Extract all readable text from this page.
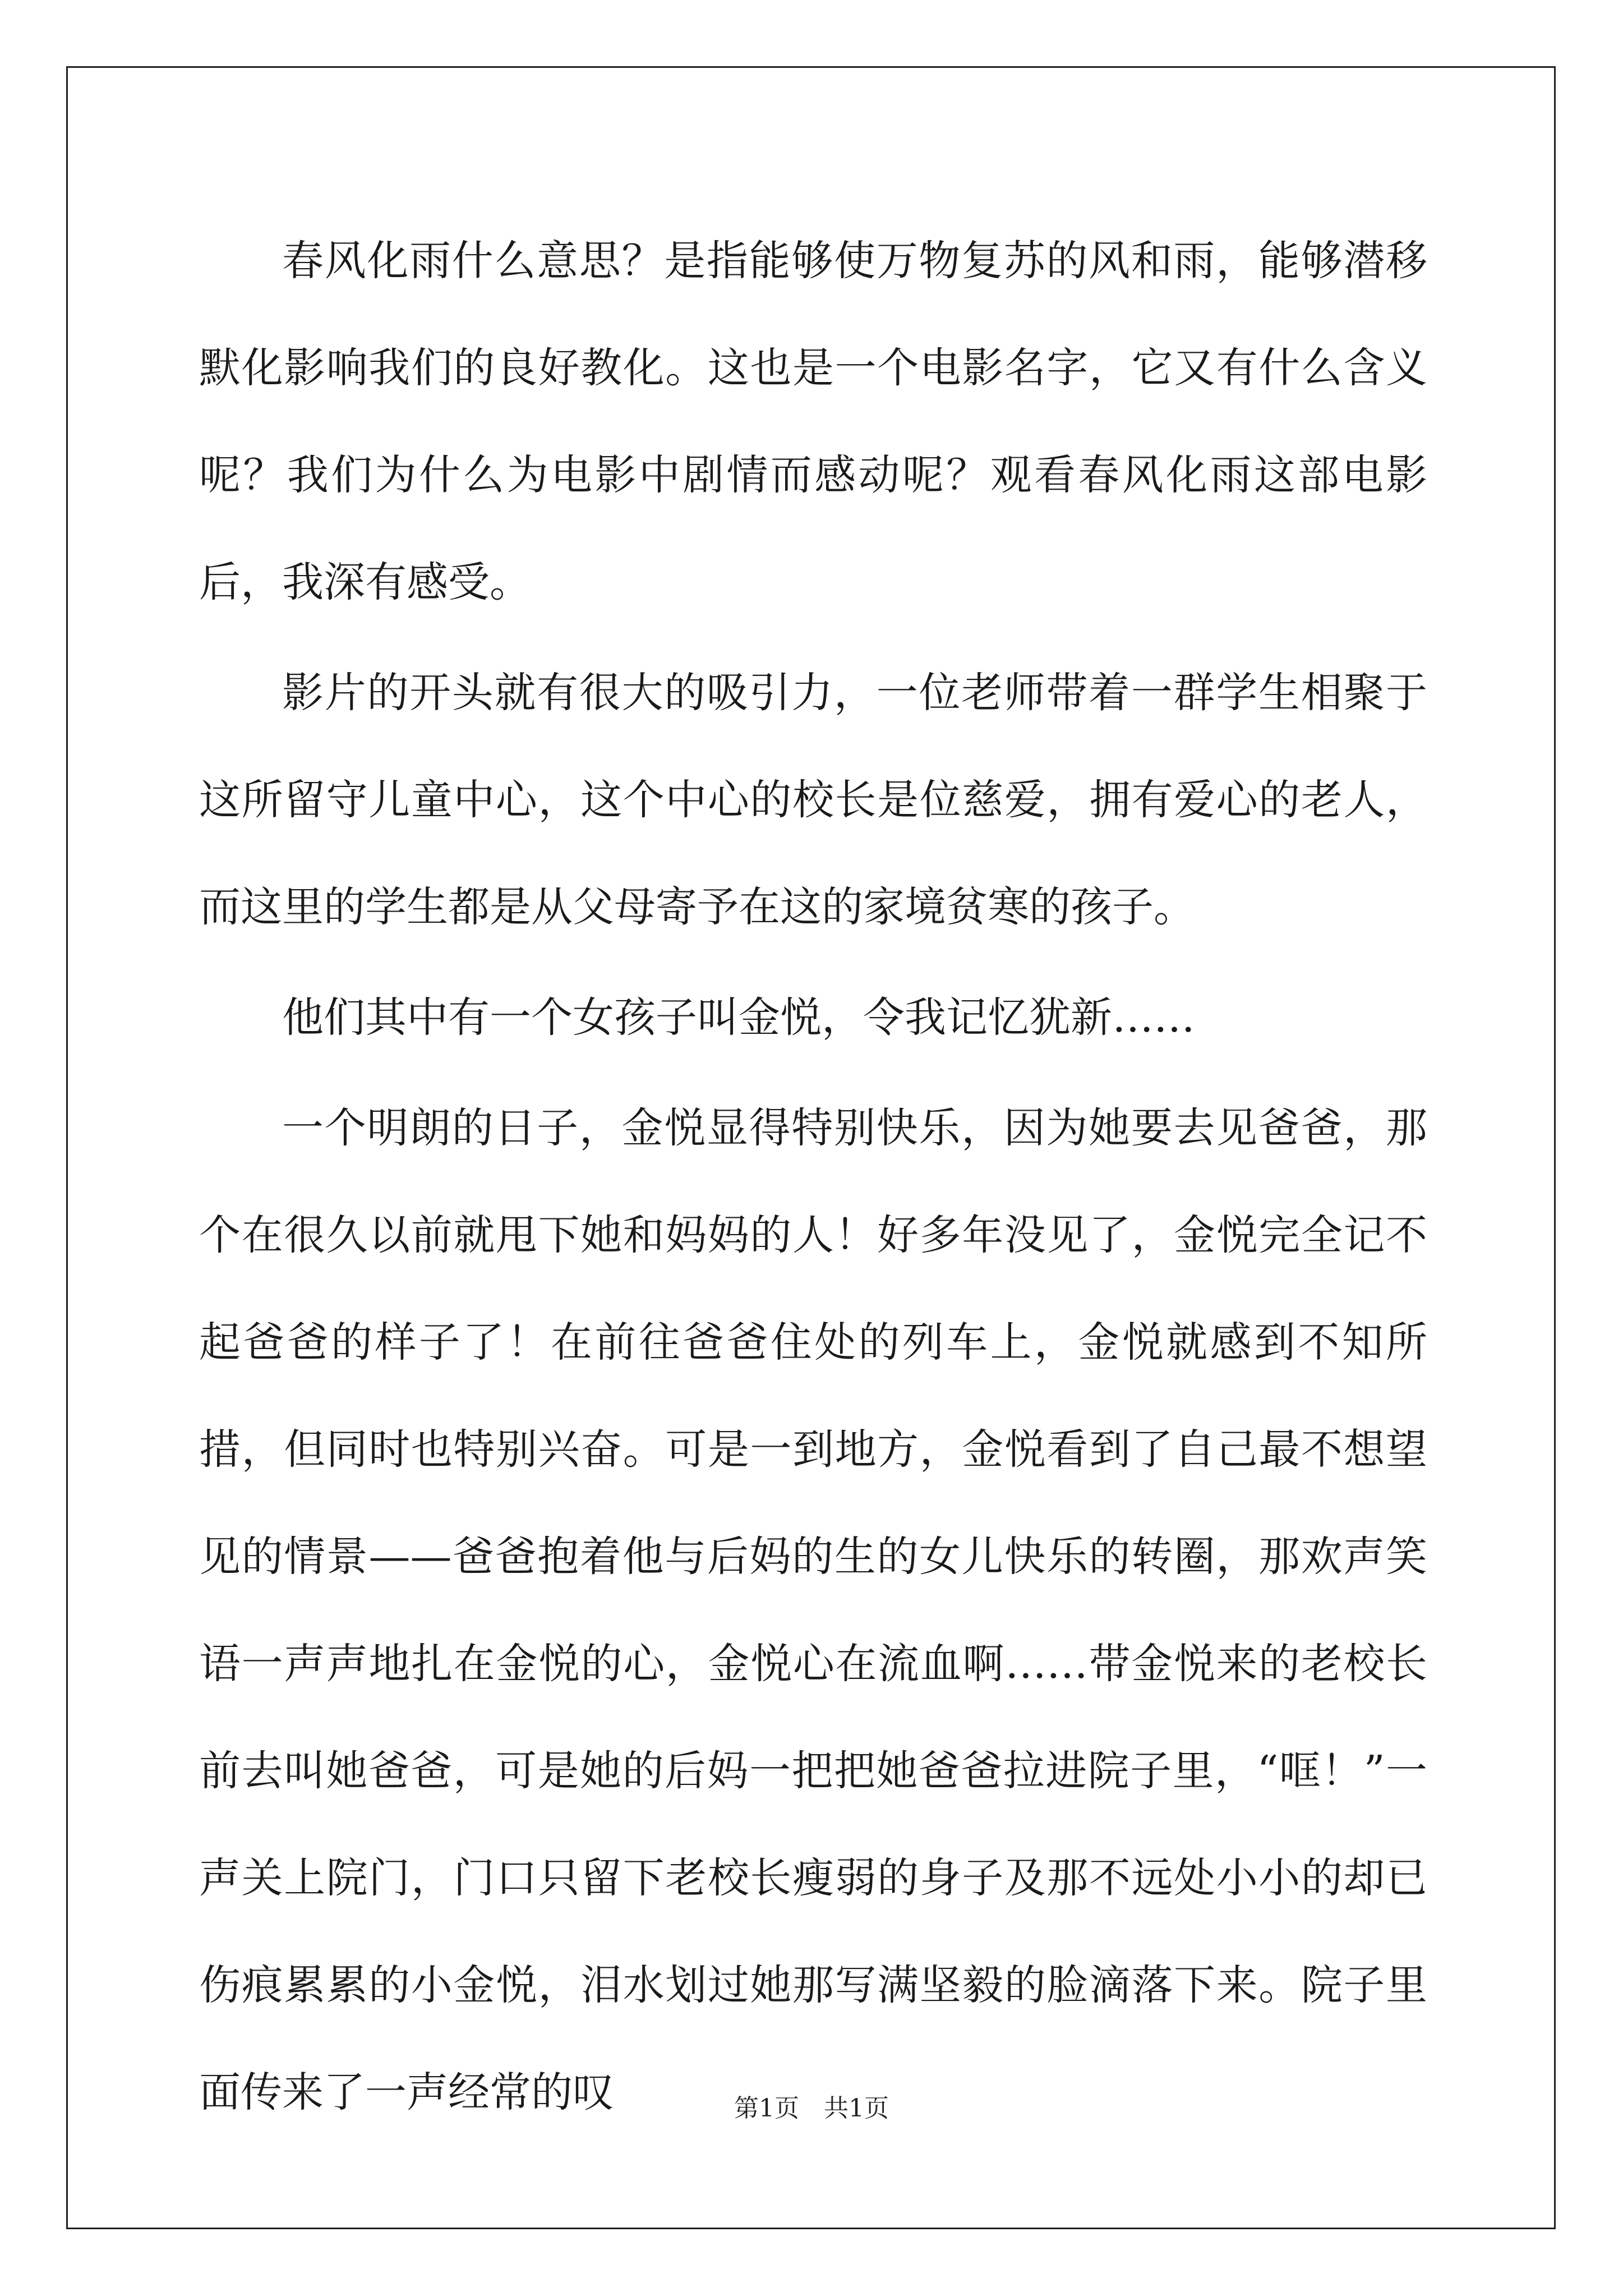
春风化雨什么意思？是指能够使万物复苏的风和雨，能够潜移默化影响我们的良好教化。这也是一个电影名字，它又有什么含义呢？我们为什么为电影中剧情而感动呢？观看春风化雨这部电影后，我深有感受。

影片的开头就有很大的吸引力，一位老师带着一群学生相聚于这所留守儿童中心，这个中心的校长是位慈爱，拥有爱心的老人，而这里的学生都是从父母寄予在这的家境贫寒的孩子。

他们其中有一个女孩子叫金悦，令我记忆犹新……

一个明朗的日子，金悦显得特别快乐，因为她要去见爸爸，那个在很久以前就甩下她和妈妈的人！好多年没见了，金悦完全记不起爸爸的样子了！在前往爸爸住处的列车上，金悦就感到不知所措，但同时也特别兴奋。可是一到地方，金悦看到了自己最不想望见的情景——爸爸抱着他与后妈的生的女儿快乐的转圈，那欢声笑语一声声地扎在金悦的心，金悦心在流血啊……带金悦来的老校长前去叫她爸爸，可是她的后妈一把把她爸爸拉进院子里，“哐！”一声关上院门，门口只留下老校长瘦弱的身子及那不远处小小的却已伤痕累累的小金悦，泪水划过她那写满坚毅的脸滴落下来。院子里面传来了一声经常的叹	第1页　共1页
